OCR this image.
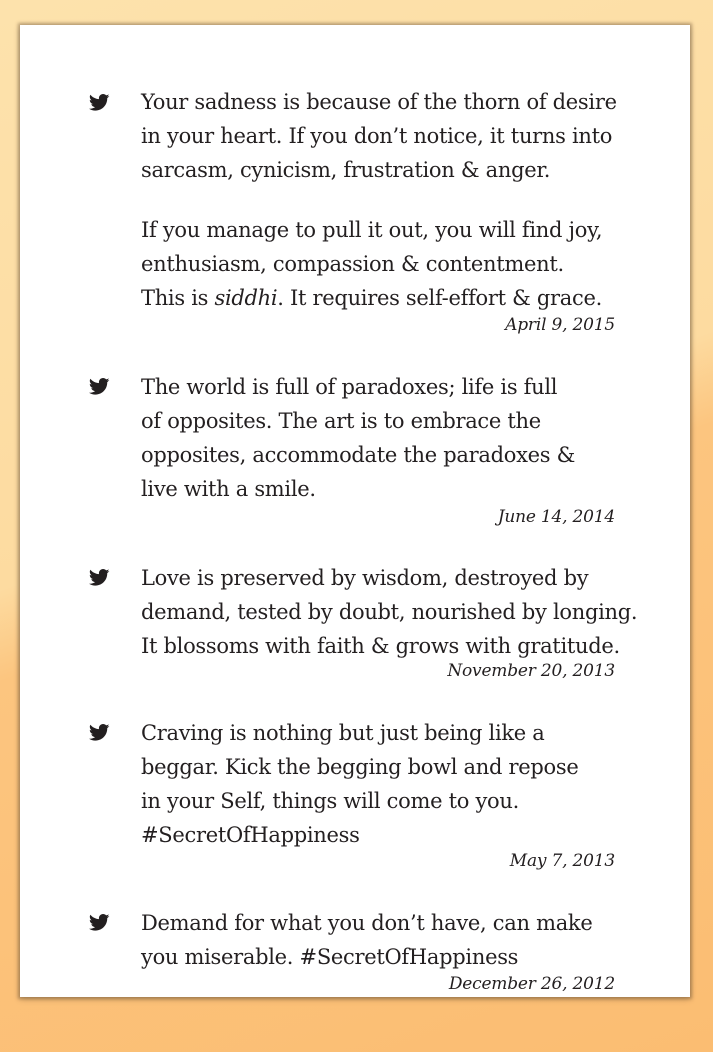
Your sadness is because of the thorn of desire
in your heart. If you don’t notice, it turns into
sarcasm, cynicism, frustration & anger.

If you manage to pull it out, you will find joy,
enthusiasm, compassion & contentment.
This is siddhi. It requires self-effort & grace.

April 9, 2015

The world is full of paradoxes; life is full
of opposites. The art is to embrace the
opposites, accommodate the paradoxes &
live with a smile.

June 14, 2014

Love is preserved by wisdom, destroyed by
demand, tested by doubt, nourished by longing.
It blossoms with faith & grows with gratitude.

November 20, 2013

Craving is nothing but just being like a
beggar. Kick the begging bowl and repose
in your Self, things will come to you.
#SecretOfHappiness

May 7, 2013

Demand for what you don’t have, can make
you miserable. #SecretOfHappiness

December 26, 2012
